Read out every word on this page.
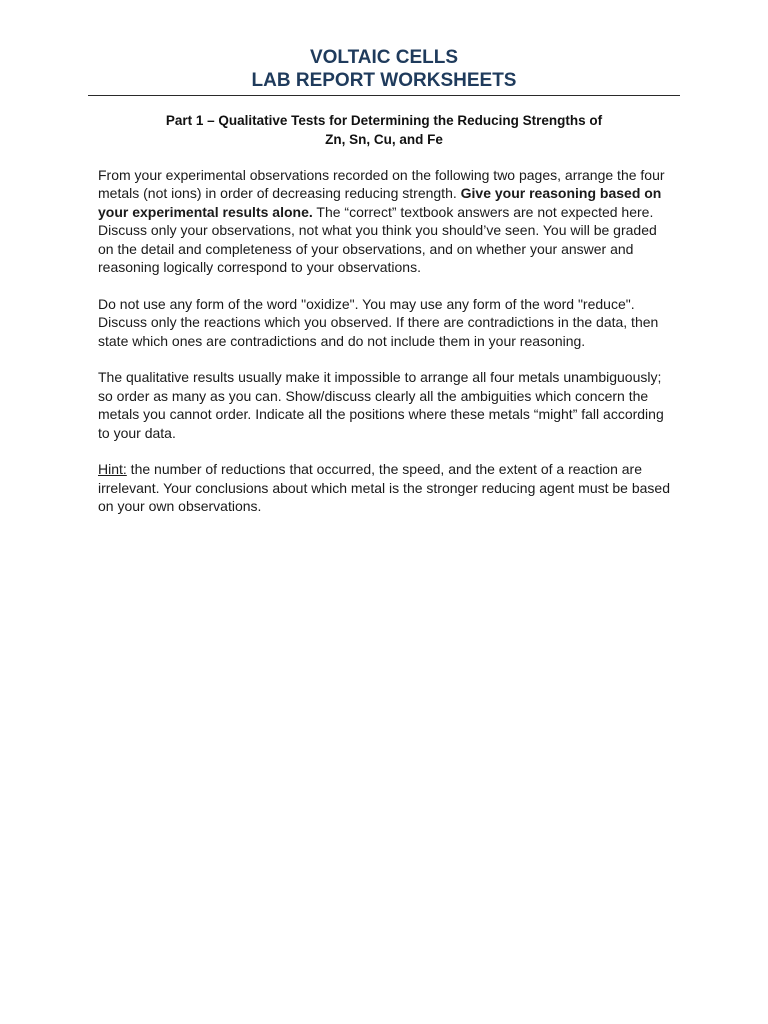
VOLTAIC CELLS
LAB REPORT WORKSHEETS
Part 1 – Qualitative Tests for Determining the Reducing Strengths of
Zn, Sn, Cu, and Fe

From your experimental observations recorded on the following two pages, arrange the four metals (not ions) in order of decreasing reducing strength. Give your reasoning based on your experimental results alone. The “correct” textbook answers are not expected here. Discuss only your observations, not what you think you should’ve seen. You will be graded on the detail and completeness of your observations, and on whether your answer and reasoning logically correspond to your observations.

Do not use any form of the word "oxidize". You may use any form of the word "reduce". Discuss only the reactions which you observed. If there are contradictions in the data, then state which ones are contradictions and do not include them in your reasoning.

The qualitative results usually make it impossible to arrange all four metals unambiguously; so order as many as you can. Show/discuss clearly all the ambiguities which concern the metals you cannot order. Indicate all the positions where these metals “might” fall according to your data.

Hint: the number of reductions that occurred, the speed, and the extent of a reaction are irrelevant. Your conclusions about which metal is the stronger reducing agent must be based on your own observations.
